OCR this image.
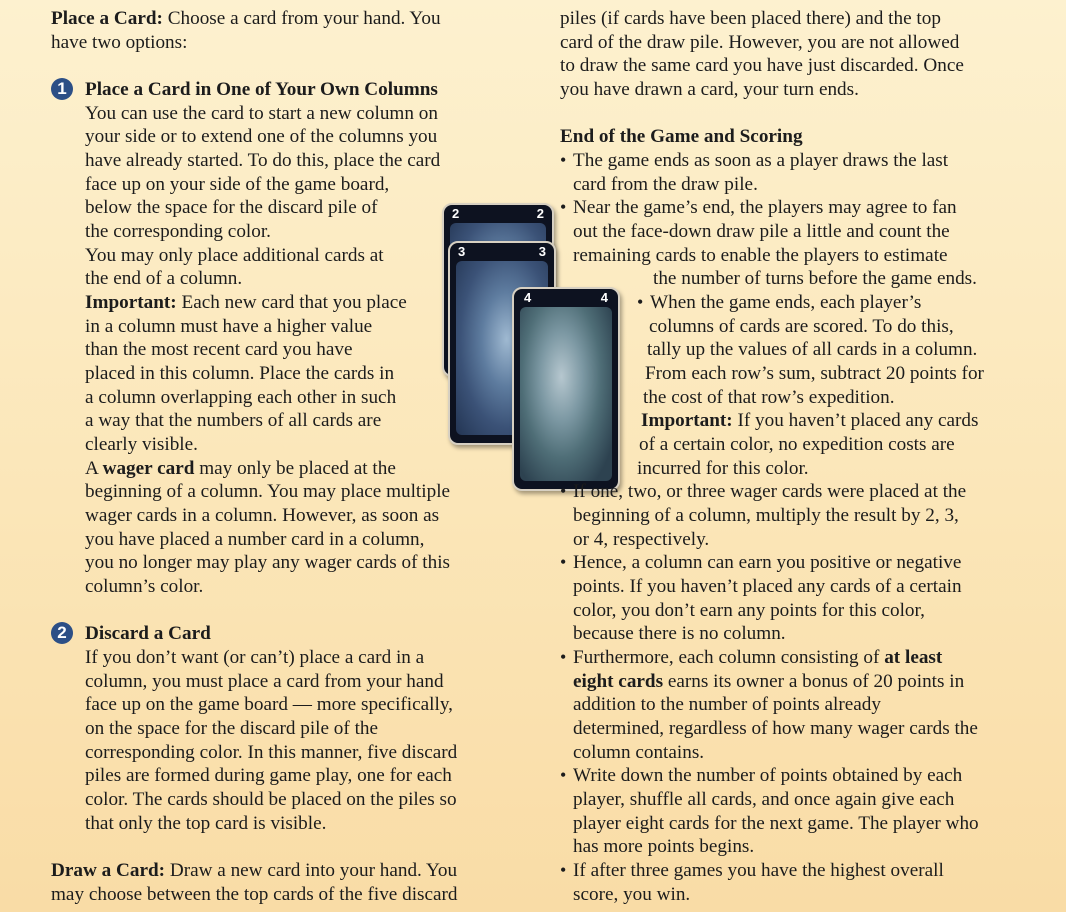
Place a Card: Choose a card from your hand. You

have two options:

1 Place a Card in One of Your Own Columns

You can use the card to start a new column on

your side or to extend one of the columns you

have already started. To do this, place the card

face up on your side of the game board,

below the space for the discard pile of

the corresponding color.

You may only place additional cards at

the end of a column.

Important: Each new card that you place

in a column must have a higher value

than the most recent card you have

placed in this column. Place the cards in

a column overlapping each other in such

a way that the numbers of all cards are

clearly visible.

A wager card may only be placed at the

beginning of a column. You may place multiple

wager cards in a column. However, as soon as

you have placed a number card in a column,

you no longer may play any wager cards of this

column’s color.

2 Discard a Card

If you don’t want (or can’t) place a card in a

column, you must place a card from your hand

face up on the game board — more specifically,

on the space for the discard pile of the

corresponding color. In this manner, five discard

piles are formed during game play, one for each

color. The cards should be placed on the piles so

that only the top card is visible.

Draw a Card: Draw a new card into your hand. You

may choose between the top cards of the five discard

2	2
3	3
4	4

piles (if cards have been placed there) and the top

card of the draw pile. However, you are not allowed

to draw the same card you have just discarded. Once

you have drawn a card, your turn ends.

End of the Game and Scoring

• The game ends as soon as a player draws the last

card from the draw pile.

• Near the game’s end, the players may agree to fan

out the face-down draw pile a little and count the

remaining cards to enable the players to estimate

the number of turns before the game ends.

• When the game ends, each player’s

columns of cards are scored. To do this,

tally up the values of all cards in a column.

From each row’s sum, subtract 20 points for

the cost of that row’s expedition.

Important: If you haven’t placed any cards

of a certain color, no expedition costs are

incurred for this color.

• If one, two, or three wager cards were placed at the

beginning of a column, multiply the result by 2, 3,

or 4, respectively.

• Hence, a column can earn you positive or negative

points. If you haven’t placed any cards of a certain

color, you don’t earn any points for this color,

because there is no column.

• Furthermore, each column consisting of at least

eight cards earns its owner a bonus of 20 points in

addition to the number of points already

determined, regardless of how many wager cards the

column contains.

• Write down the number of points obtained by each

player, shuffle all cards, and once again give each

player eight cards for the next game. The player who

has more points begins.

• If after three games you have the highest overall

score, you win.
